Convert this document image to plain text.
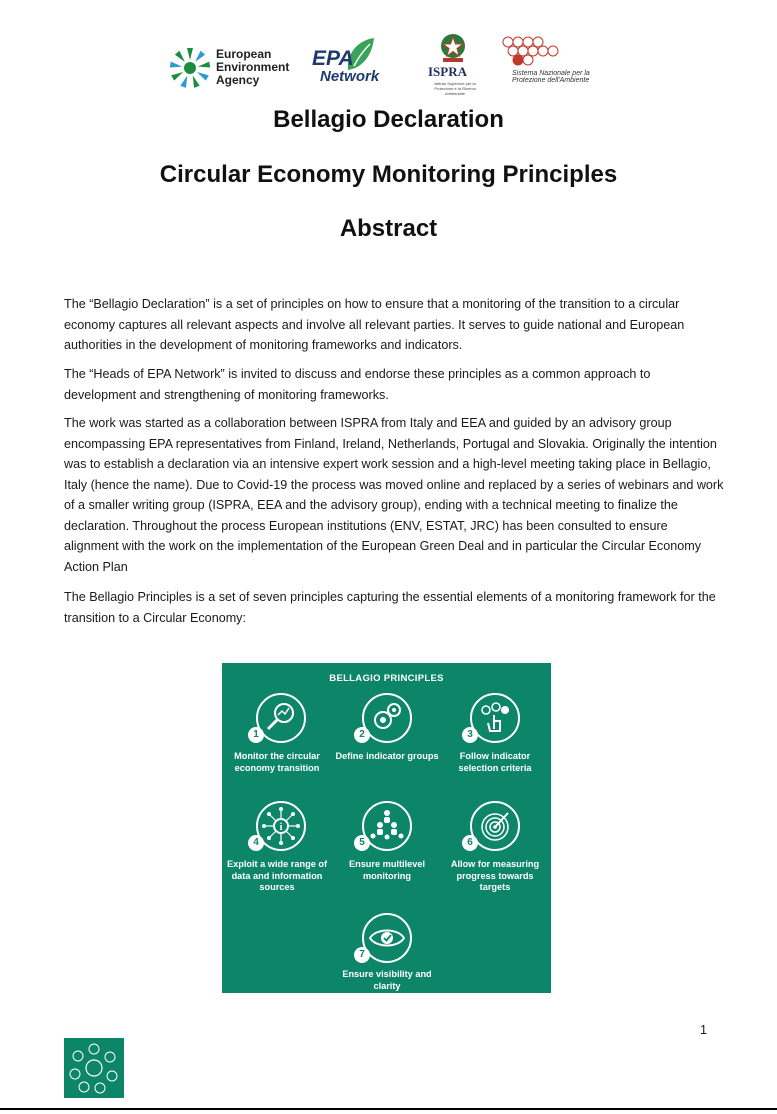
European
Environment
Agency
EPA
Network	ISPRA
Istituto Superiore per la Protezione e la Ricerca Ambientale
Sistema Nazionale per la Protezione dell'Ambiente
Bellagio Declaration
Circular Economy Monitoring Principles
Abstract

The “Bellagio Declaration” is a set of principles on how to ensure that a monitoring of the transition to a circular economy captures all relevant aspects and involve all relevant parties. It serves to guide national and European authorities in the development of monitoring frameworks and indicators.

The “Heads of EPA Network” is invited to discuss and endorse these principles as a common approach to development and strengthening of monitoring frameworks.

The work was started as a collaboration between ISPRA from Italy and EEA and guided by an advisory group encompassing EPA representatives from Finland, Ireland, Netherlands, Portugal and Slovakia. Originally the intention was to establish a declaration via an intensive expert work session and a high-level meeting taking place in Bellagio, Italy (hence the name). Due to Covid-19 the process was moved online and replaced by a series of webinars and work of a smaller writing group (ISPRA, EEA and the advisory group), ending with a technical meeting to finalize the declaration. Throughout the process European institutions (ENV, ESTAT, JRC) has been consulted to ensure alignment with the work on the implementation of the European Green Deal and in particular the Circular Economy Action Plan

The Bellagio Principles is a set of seven principles capturing the essential elements of a monitoring framework for the transition to a Circular Economy:

BELLAGIO PRINCIPLES
1
Monitor the circular economy transition
2
Define indicator groups
3
Follow indicator selection criteria
i
4
Exploit a wide range of data and information sources
5
Ensure multilevel monitoring
6
Allow for measuring progress towards targets
7
Ensure visibility and clarity
1
